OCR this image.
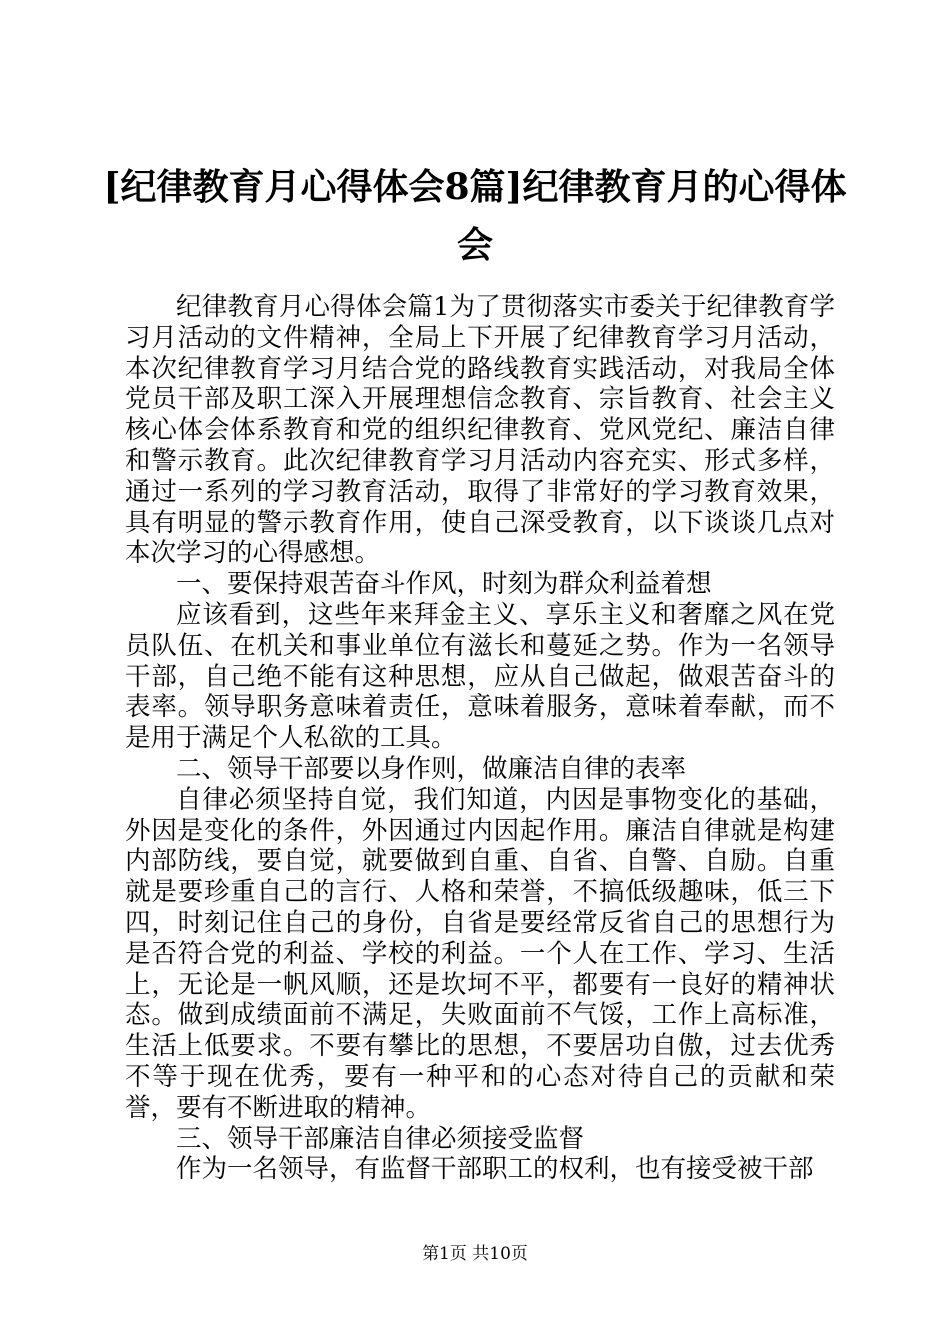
[纪律教育月心得体会8篇]纪律教育月的心得体会

纪律教育月心得体会篇1为了贯彻落实市委关于纪律教育学习月活动的文件精神，全局上下开展了纪律教育学习月活动，本次纪律教育学习月结合党的路线教育实践活动，对我局全体党员干部及职工深入开展理想信念教育、宗旨教育、社会主义核心体会体系教育和党的组织纪律教育、党风党纪、廉洁自律和警示教育。此次纪律教育学习月活动内容充实、形式多样，通过一系列的学习教育活动，取得了非常好的学习教育效果，具有明显的警示教育作用，使自己深受教育，以下谈谈几点对本次学习的心得感想。

一、要保持艰苦奋斗作风，时刻为群众利益着想

应该看到，这些年来拜金主义、享乐主义和奢靡之风在党员队伍、在机关和事业单位有滋长和蔓延之势。作为一名领导干部，自己绝不能有这种思想，应从自己做起，做艰苦奋斗的表率。领导职务意味着责任，意味着服务，意味着奉献，而不是用于满足个人私欲的工具。

二、领导干部要以身作则，做廉洁自律的表率

自律必须坚持自觉，我们知道，内因是事物变化的基础，外因是变化的条件，外因通过内因起作用。廉洁自律就是构建内部防线，要自觉，就要做到自重、自省、自警、自励。自重就是要珍重自己的言行、人格和荣誉，不搞低级趣味，低三下四，时刻记住自己的身份，自省是要经常反省自己的思想行为是否符合党的利益、学校的利益。一个人在工作、学习、生活上，无论是一帆风顺，还是坎坷不平，都要有一良好的精神状态。做到成绩面前不满足，失败面前不气馁，工作上高标准，生活上低要求。不要有攀比的思想，不要居功自傲，过去优秀不等于现在优秀，要有一种平和的心态对待自己的贡献和荣誉，要有不断进取的精神。

三、领导干部廉洁自律必须接受监督

作为一名领导，有监督干部职工的权利，也有接受被干部

第1页 共10页
